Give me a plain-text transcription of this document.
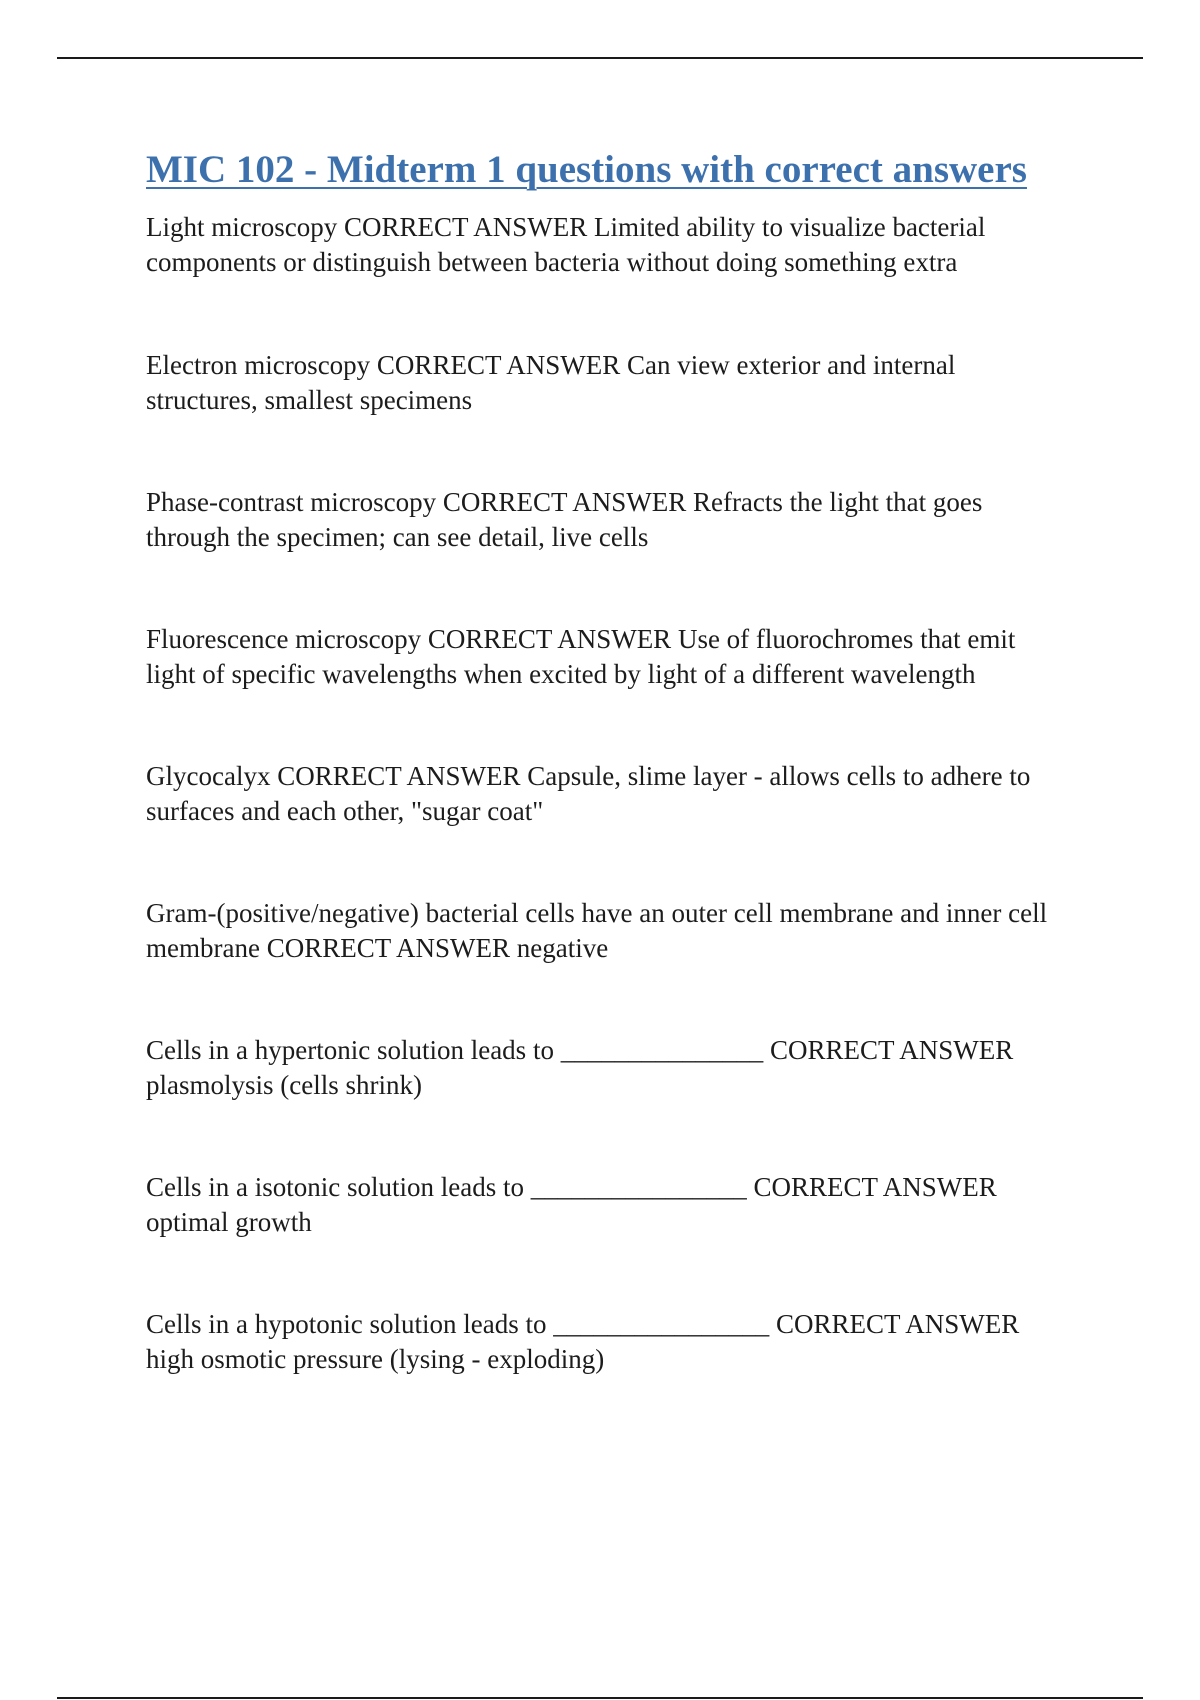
MIC 102 - Midterm 1 questions with correct answers

Light microscopy CORRECT ANSWER Limited ability to visualize bacterial
components or distinguish between bacteria without doing something extra

Electron microscopy CORRECT ANSWER Can view exterior and internal
structures, smallest specimens

Phase-contrast microscopy CORRECT ANSWER Refracts the light that goes
through the specimen; can see detail, live cells

Fluorescence microscopy CORRECT ANSWER Use of fluorochromes that emit
light of specific wavelengths when excited by light of a different wavelength

Glycocalyx CORRECT ANSWER Capsule, slime layer - allows cells to adhere to
surfaces and each other, "sugar coat"

Gram-(positive/negative) bacterial cells have an outer cell membrane and inner cell
membrane CORRECT ANSWER negative

Cells in a hypertonic solution leads to _______________ CORRECT ANSWER
plasmolysis (cells shrink)

Cells in a isotonic solution leads to ________________ CORRECT ANSWER
optimal growth

Cells in a hypotonic solution leads to ________________ CORRECT ANSWER
high osmotic pressure (lysing - exploding)
